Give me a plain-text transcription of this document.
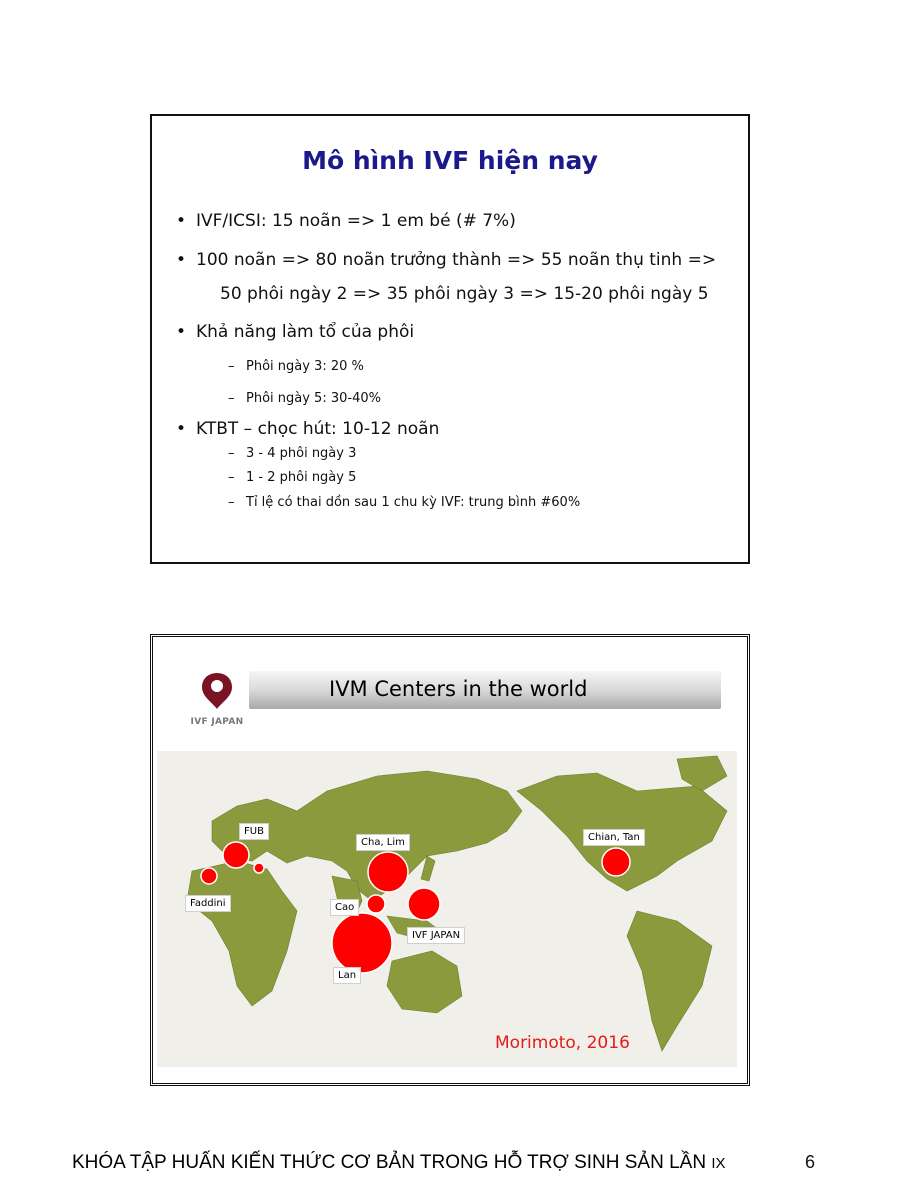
Mô hình IVF hiện nay
• IVF/ICSI: 15 noãn => 1 em bé (# 7%)
• 100 noãn => 80 noãn trưởng thành => 55 noãn thụ tinh =>
50 phôi ngày 2 => 35 phôi ngày 3 => 15-20 phôi ngày 5
• Khả năng làm tổ của phôi
– Phôi ngày 3: 20 %
– Phôi ngày 5: 30-40%
• KTBT – chọc hút: 10-12 noãn
– 3 - 4 phôi ngày 3
– 1 - 2 phôi ngày 5
– Tỉ lệ có thai dồn sau 1 chu kỳ IVF: trung bình #60%
IVF JAPAN
IVM Centers in the world
FUB
Faddini
Cha, Lim
Cao
IVF JAPAN
Lan
Chian, Tan
Morimoto, 2016
KHÓA TẬP HUẤN KIẾN THỨC CƠ BẢN TRONG HỖ TRỢ SINH SẢN LẦN IX	6
